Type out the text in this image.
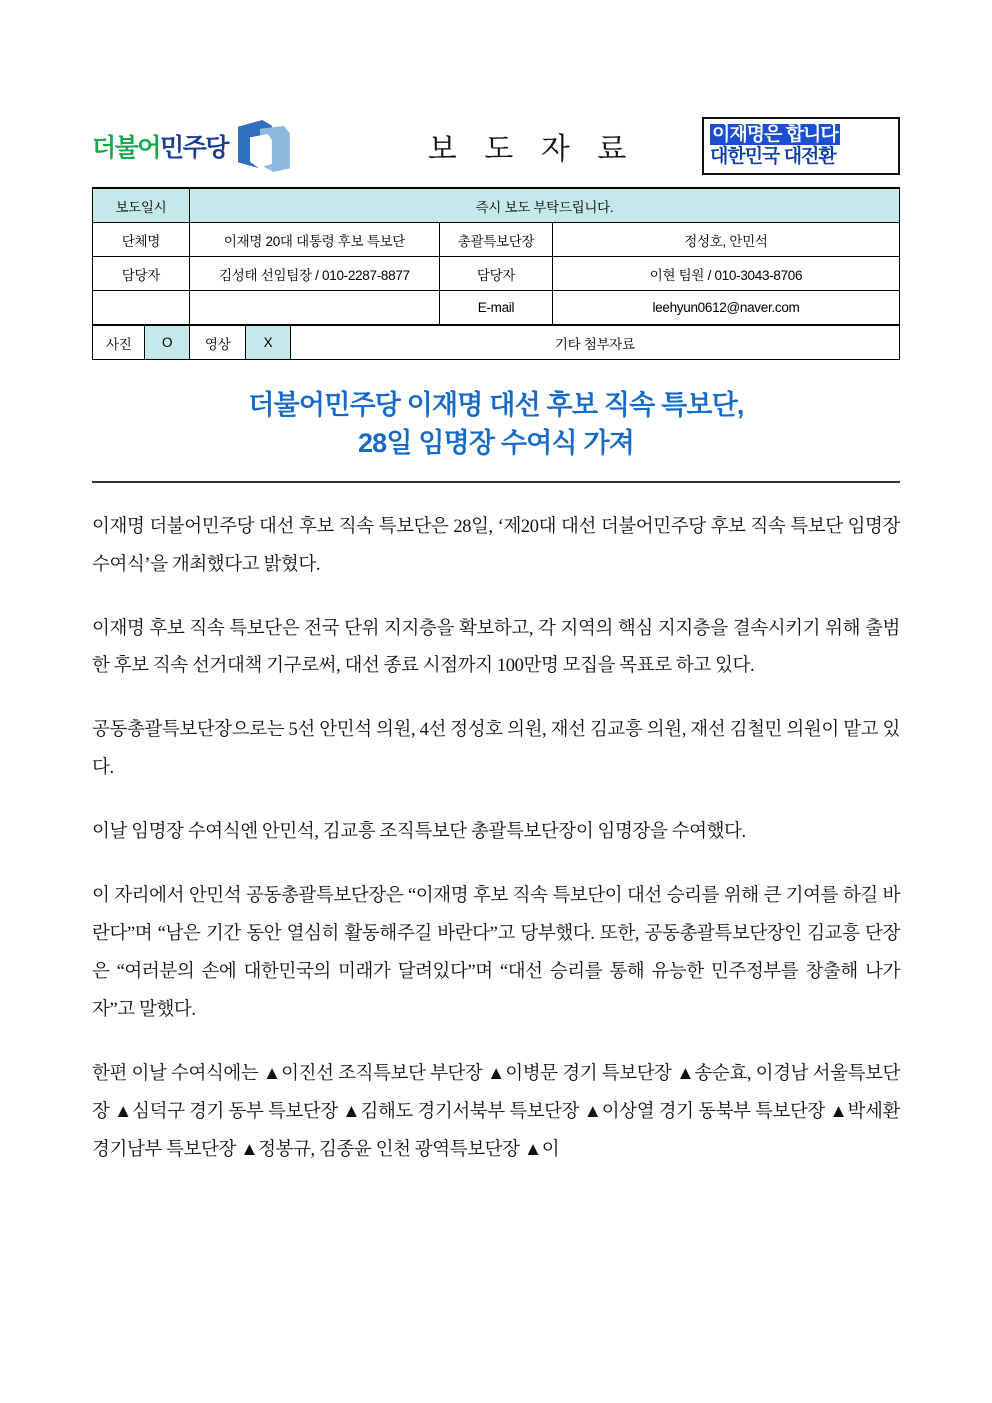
더불어민주당	보 도 자 료	이재명은 합니다
대한민국 대전환
보도일시	즉시 보도 부탁드립니다.		
단체명	이재명 20대 대통령 후보 특보단	총괄특보단장	정성호, 안민석
담당자	김성태 선임팀장 / 010-2287-8877	담당자	이현 팀원 / 010-3043-8706
		E-mail	leehyun0612@naver.com
사진	O	영상	X	기타 첨부자료
더불어민주당 이재명 대선 후보 직속 특보단,
28일 임명장 수여식 가져

이재명 더불어민주당 대선 후보 직속 특보단은 28일, ‘제20대 대선 더불어민주당 후보 직속 특보단 임명장 수여식’을 개최했다고 밝혔다.

이재명 후보 직속 특보단은 전국 단위 지지층을 확보하고, 각 지역의 핵심 지지층을 결속시키기 위해 출범한 후보 직속 선거대책 기구로써, 대선 종료 시점까지 100만명 모집을 목표로 하고 있다.

공동총괄특보단장으로는 5선 안민석 의원, 4선 정성호 의원, 재선 김교흥 의원, 재선 김철민 의원이 맡고 있다.

이날 임명장 수여식엔 안민석, 김교흥 조직특보단 총괄특보단장이 임명장을 수여했다.

이 자리에서 안민석 공동총괄특보단장은 “이재명 후보 직속 특보단이 대선 승리를 위해 큰 기여를 하길 바란다”며 “남은 기간 동안 열심히 활동해주길 바란다”고 당부했다. 또한, 공동총괄특보단장인 김교흥 단장은 “여러분의 손에 대한민국의 미래가 달려있다”며 “대선 승리를 통해 유능한 민주정부를 창출해 나가자”고 말했다.

한편 이날 수여식에는 ▲이진선 조직특보단 부단장 ▲이병문 경기 특보단장 ▲송순효, 이경남 서울특보단장 ▲심덕구 경기 동부 특보단장 ▲김해도 경기서북부 특보단장 ▲이상열 경기 동북부 특보단장 ▲박세환 경기남부 특보단장 ▲정봉규, 김종윤 인천 광역특보단장 ▲이
